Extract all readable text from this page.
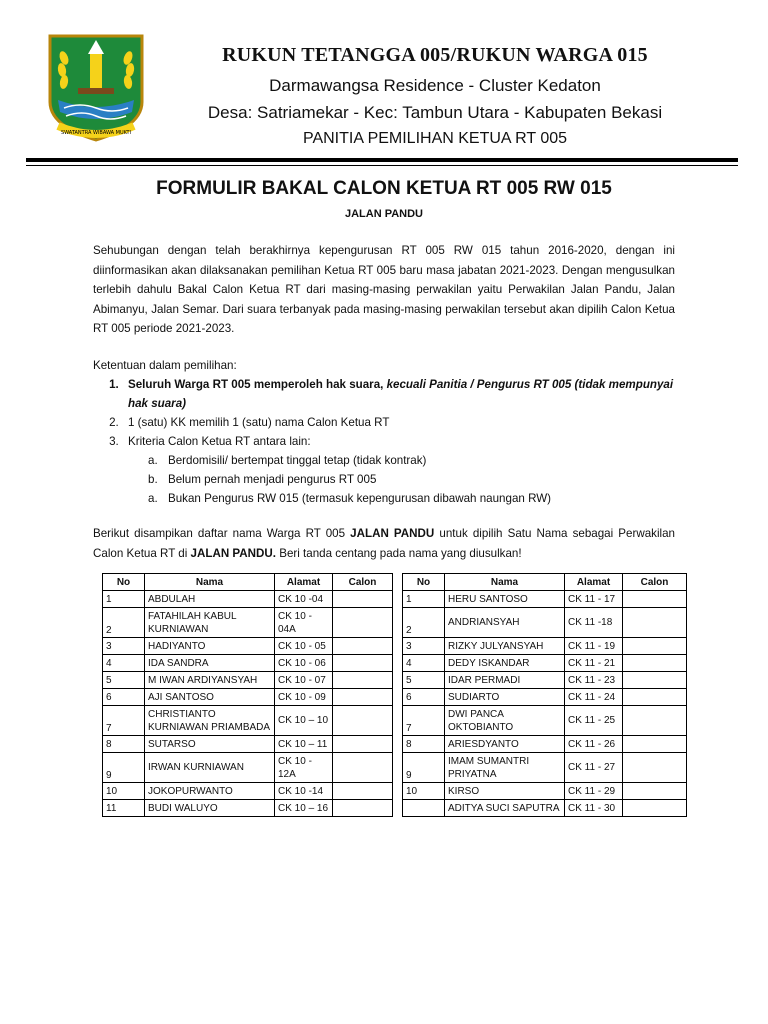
SWATANTRA WIBAWA MUKTI
RUKUN TETANGGA 005/RUKUN WARGA 015
Darmawangsa Residence - Cluster Kedaton
Desa: Satriamekar - Kec: Tambun Utara - Kabupaten Bekasi
PANITIA PEMILIHAN KETUA RT 005
FORMULIR BAKAL CALON KETUA RT 005 RW 015
JALAN PANDU
Sehubungan dengan telah berakhirnya kepengurusan RT 005 RW 015 tahun 2016-2020, dengan ini diinformasikan akan dilaksanakan pemilihan Ketua RT 005 baru masa jabatan 2021-2023. Dengan mengusulkan terlebih dahulu Bakal Calon Ketua RT dari masing-masing perwakilan yaitu Perwakilan Jalan Pandu, Jalan Abimanyu, Jalan Semar. Dari suara terbanyak pada masing-masing perwakilan tersebut akan dipilih Calon Ketua RT 005 periode 2021-2023.
Ketentuan dalam pemilihan:
1. Seluruh Warga RT 005 memperoleh hak suara, kecuali Panitia / Pengurus RT 005 (tidak mempunyai hak suara)
2. 1 (satu) KK memilih 1 (satu) nama Calon Ketua RT
3. Kriteria Calon Ketua RT antara lain:
a. Berdomisili/ bertempat tinggal tetap (tidak kontrak)
b. Belum pernah menjadi pengurus RT 005
a. Bukan Pengurus RW 015 (termasuk kepengurusan dibawah naungan RW)
Berikut disampikan daftar nama Warga RT 005 JALAN PANDU untuk dipilih Satu Nama sebagai Perwakilan Calon Ketua RT di JALAN PANDU. Beri tanda centang pada nama yang diusulkan!
No	Nama	Alamat	Calon
1	ABDULAH	CK 10 -04	
2	FATAHILAH KABUL KURNIAWAN	CK 10 - 04A	
3	HADIYANTO	CK 10 - 05	
4	IDA SANDRA	CK 10 - 06	
5	M IWAN ARDIYANSYAH	CK 10 - 07	
6	AJI SANTOSO	CK 10 - 09	
7	CHRISTIANTO KURNIAWAN PRIAMBADA	CK 10 – 10	
8	SUTARSO	CK 10 – 11	
9	IRWAN KURNIAWAN	CK 10 - 12A	
10	JOKOPURWANTO	CK 10 -14	
11	BUDI WALUYO	CK 10 – 16	
No	Nama	Alamat	Calon
1	HERU SANTOSO	CK 11 - 17	
2	ANDRIANSYAH	CK 11 -18	
3	RIZKY JULYANSYAH	CK 11 - 19	
4	DEDY ISKANDAR	CK 11 - 21	
5	IDAR PERMADI	CK 11 - 23	
6	SUDIARTO	CK 11 - 24	
7	DWI PANCA OKTOBIANTO	CK 11 - 25	
8	ARIESDYANTO	CK 11 - 26	
9	IMAM SUMANTRI PRIYATNA	CK 11 - 27	
10	KIRSO	CK 11 - 29	
	ADITYA SUCI SAPUTRA	CK 11 - 30	
